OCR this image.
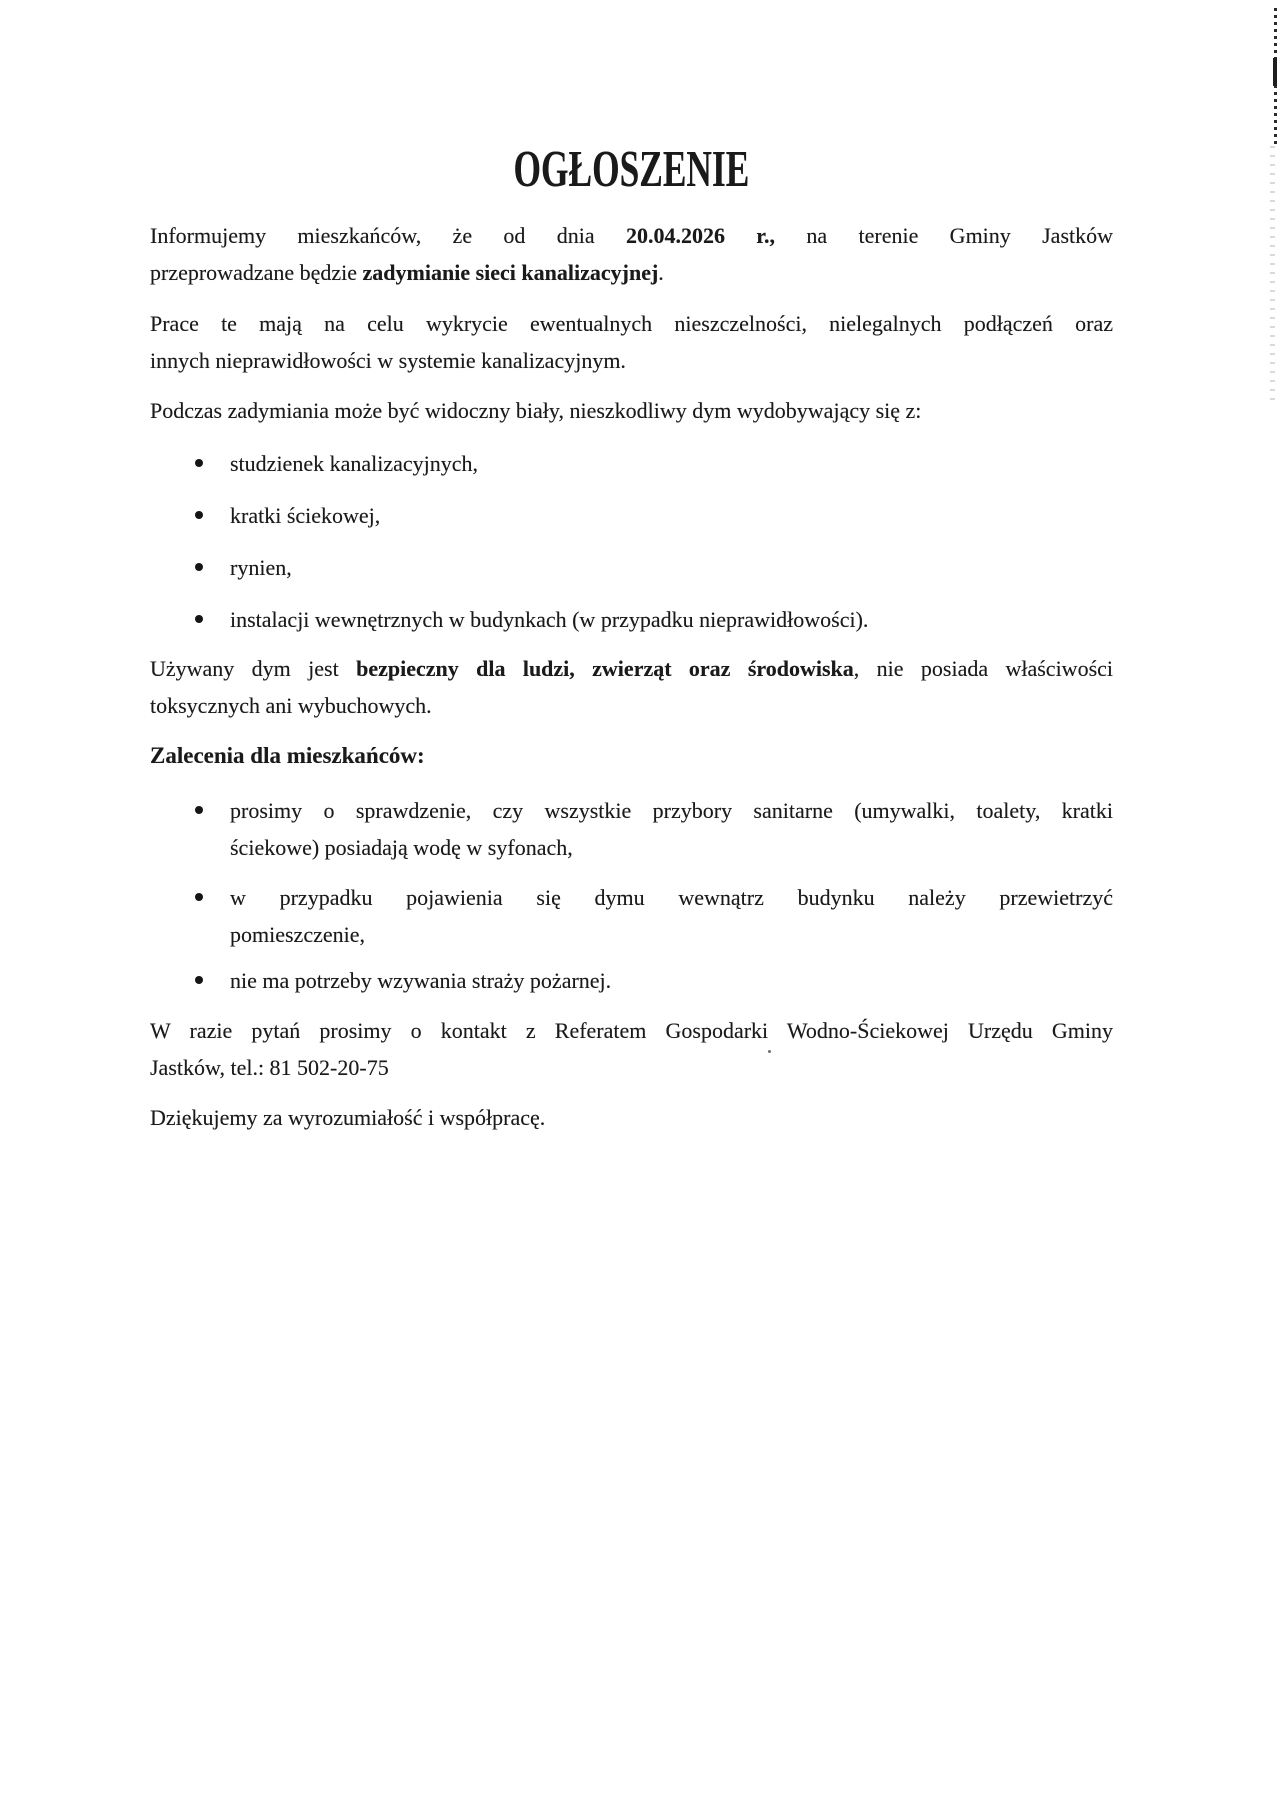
OGŁOSZENIE

Informujemy mieszkańców, że od dnia 20.04.2026 r., na terenie Gminy Jastków
przeprowadzane będzie zadymianie sieci kanalizacyjnej.

Prace te mają na celu wykrycie ewentualnych nieszczelności, nielegalnych podłączeń oraz
innych nieprawidłowości w systemie kanalizacyjnym.

Podczas zadymiania może być widoczny biały, nieszkodliwy dym wydobywający się z:

studzienek kanalizacyjnych,
kratki ściekowej,
rynien,
instalacji wewnętrznych w budynkach (w przypadku nieprawidłowości).

Używany dym jest bezpieczny dla ludzi, zwierząt oraz środowiska, nie posiada właściwości
toksycznych ani wybuchowych.

Zalecenia dla mieszkańców:
prosimy o sprawdzenie, czy wszystkie przybory sanitarne (umywalki, toalety, kratki
ściekowe) posiadają wodę w syfonach,
w przypadku pojawienia się dymu wewnątrz budynku należy przewietrzyć
pomieszczenie,
nie ma potrzeby wzywania straży pożarnej.

W razie pytań prosimy o kontakt z Referatem Gospodarki Wodno-Ściekowej Urzędu Gminy
Jastków, tel.: 81 502-20-75

Dziękujemy za wyrozumiałość i współpracę.
